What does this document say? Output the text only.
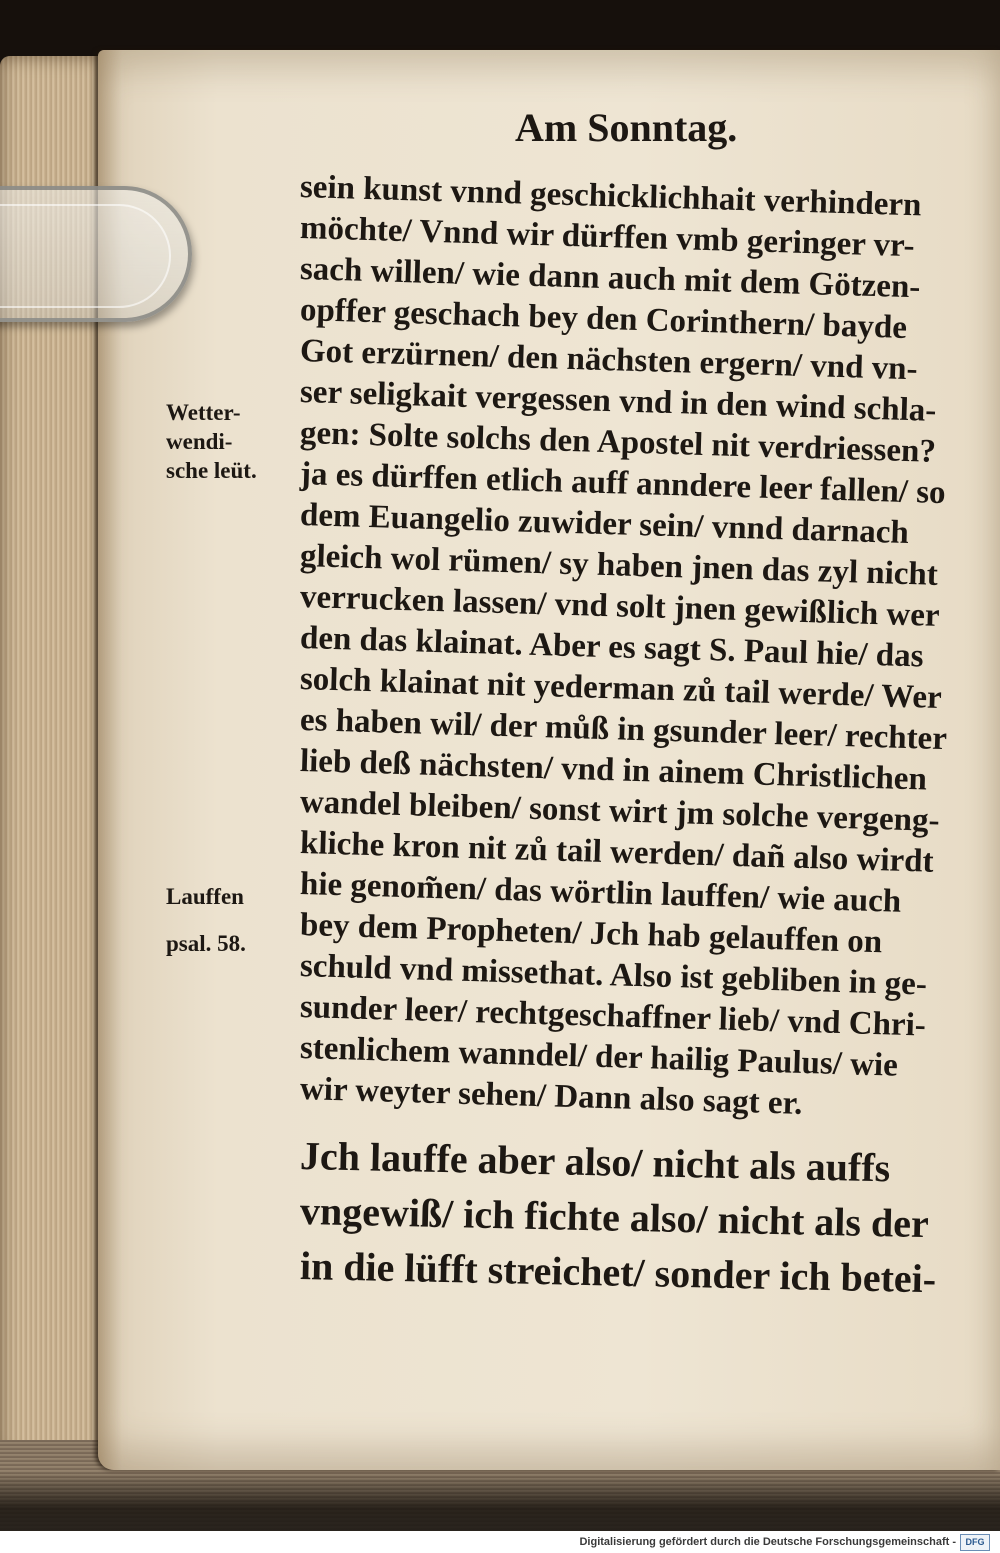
Am Sonntag.
Wetter-
wendi-
sche leüt.
Lauffen
psal. 58.
sein kunst vnnd geschicklichhait verhindern
möchte/ Vnnd wir dürffen vmb geringer vr-
sach willen/ wie dann auch mit dem Götzen-
opffer geschach bey den Corinthern/ bayde
Got erzürnen/ den nächsten ergern/ vnd vn-
ser seligkait vergessen vnd in den wind schla-
gen: Solte solchs den Apostel nit verdriessen?
ja es dürffen etlich auff anndere leer fallen/ so
dem Euangelio zuwider sein/ vnnd darnach
gleich wol rümen/ sy haben jnen das zyl nicht
verrucken lassen/ vnd solt jnen gewißlich wer
den das klainat. Aber es sagt S. Paul hie/ das
solch klainat nit yederman zů tail werde/ Wer
es haben wil/ der můß in gsunder leer/ rechter
lieb deß nächsten/ vnd in ainem Christlichen
wandel bleiben/ sonst wirt jm solche vergeng-
kliche kron nit zů tail werden/ dañ also wirdt
hie genom̃en/ das wörtlin lauffen/ wie auch
bey dem Propheten/ Jch hab gelauffen on
schuld vnd missethat. Also ist gebliben in ge-
sunder leer/ rechtgeschaffner lieb/ vnd Chri-
stenlichem wanndel/ der hailig Paulus/ wie
wir weyter sehen/ Dann also sagt er.
Jch lauffe aber also/ nicht als auffs
vngewiß/ ich fichte also/ nicht als der
in die lüfft streichet/ sonder ich betei-
Digitalisierung gefördert durch die Deutsche Forschungsgemeinschaft -	DFG
